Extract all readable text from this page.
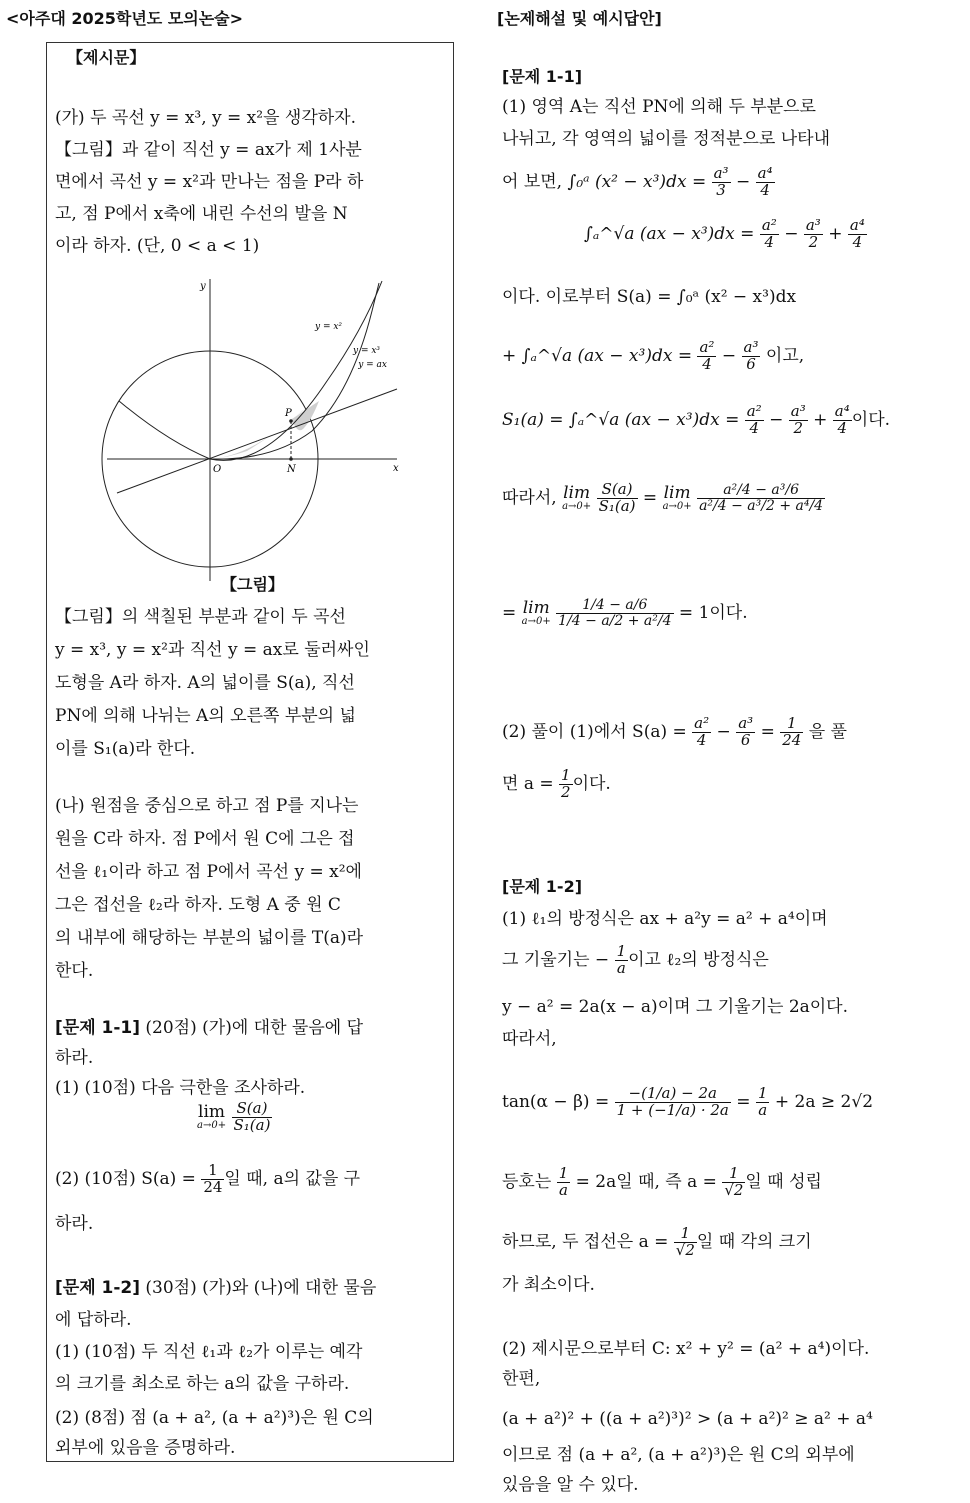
<아주대 2025학년도 모의논술>	[논제해설 및 예시답안]
【제시문】
(가) 두 곡선 y = x³, y = x²을 생각하자.
【그림】과 같이 직선 y = ax가 제 1사분
면에서 곡선 y = x²과 만나는 점을 P라 하
고, 점 P에서 x축에 내린 수선의 발을 N
이라 하자. (단, 0 < a < 1)
y
x
O	N
P
y = x²
y = x³
y = ax
【그림】
【그림】의 색칠된 부분과 같이 두 곡선
y = x³, y = x²과 직선 y = ax로 둘러싸인
도형을 A라 하자. A의 넓이를 S(a), 직선
PN에 의해 나뉘는 A의 오른쪽 부분의 넓
이를 S₁(a)라 한다.
(나) 원점을 중심으로 하고 점 P를 지나는
원을 C라 하자. 점 P에서 원 C에 그은 접
선을 ℓ₁이라 하고 점 P에서 곡선 y = x²에
그은 접선을 ℓ₂라 하자. 도형 A 중 원 C
의 내부에 해당하는 부분의 넓이를 T(a)라
한다.
[문제 1-1] (20점) (가)에 대한 물음에 답
하라.
(1) (10점) 다음 극한을 조사하라.
lim
a→0+
$\frac{S(a)}{\text{S₁(a)}}$
(2) (10점) $S(a) = \frac{1}{24}$ 일 때, a의 값을 구
하라.
[문제 1-2] (30점) (가)와 (나)에 대한 물음
에 답하라.
(1) (10점) 두 직선 ℓ₁과 ℓ₂가 이루는 예각
의 크기를 최소로 하는 a의 값을 구하라.
(2) (8점) 점 (a + a², (a + a²)³)은 원 C의
외부에 있음을 증명하라.
[문제 1-1]
(1) 영역 A는 직선 PN에 의해 두 부분으로
나뉘고, 각 영역의 넓이를 정적분으로 나타내
어 보면, ∫₀ᵃ $(x^2 - x^3)dx = \frac{\text{a³}}{3} - \frac{\text{a⁴}}{4}$
∫ₐ^√a $(ax - x^3)dx = \frac{\text{a²}}{4} - \frac{\text{a³}}{2} + \frac{\text{a⁴}}{4}$
이다. 이로부터 S(a) = ∫₀ᵃ (x² − x³)dx
+ ∫ₐ^√a $(ax - x^3)dx = \frac{\text{a²}}{4} - \frac{\text{a³}}{6}$ 이고,
S₁(a) = ∫ₐ^√a $(ax - x^3)dx = \frac{\text{a²}}{4} - \frac{\text{a³}}{2} + \frac{\text{a⁴}}{4}$ 이다.
따라서, lim
a→0+
$\frac{S(a)}{\text{S₁(a)}} = \lim$
a→0+
$\frac{\text{a²/4 − a³/6}}{\text{a²/4 − a³/2 + a⁴/4}}$
= lim
a→0+
$\frac{1/4 - a/6}{\text{1/4 − a/2 + a²/4}} = 1$이다.
(2) 풀이 (1)에서 $S(a) = \frac{\text{a²}}{4} - \frac{\text{a³}}{6} = \frac{1}{24}$ 을 풀
면 $a = \frac{1}{2}$ 이다.
[문제 1-2]
(1) ℓ₁의 방정식은 ax + a²y = a² + a⁴이며
그 기울기는 − $\frac{1}{a}$ 이고 ℓ₂의 방정식은
y − a² = 2a(x − a)이며 그 기울기는 2a이다.
따라서,
$\tan(\alpha - \beta) = \frac{-(1/a) - 2a}{1 + (-1/a) \cdot 2a} = \frac{1}{a} + 2a \ge 2√2$
등호는 $\frac{1}{a} = 2a$일 때, 즉 $a = \frac{1}{√2}$ 일 때 성립
하므로, 두 접선은 $a = \frac{1}{√2}$ 일 때 각의 크기
가 최소이다.
(2) 제시문으로부터 C: x² + y² = (a² + a⁴)이다.
한편,
(a + a²)² + ((a + a²)³)² > (a + a²)² ≥ a² + a⁴
이므로 점 (a + a², (a + a²)³)은 원 C의 외부에
있음을 알 수 있다.
